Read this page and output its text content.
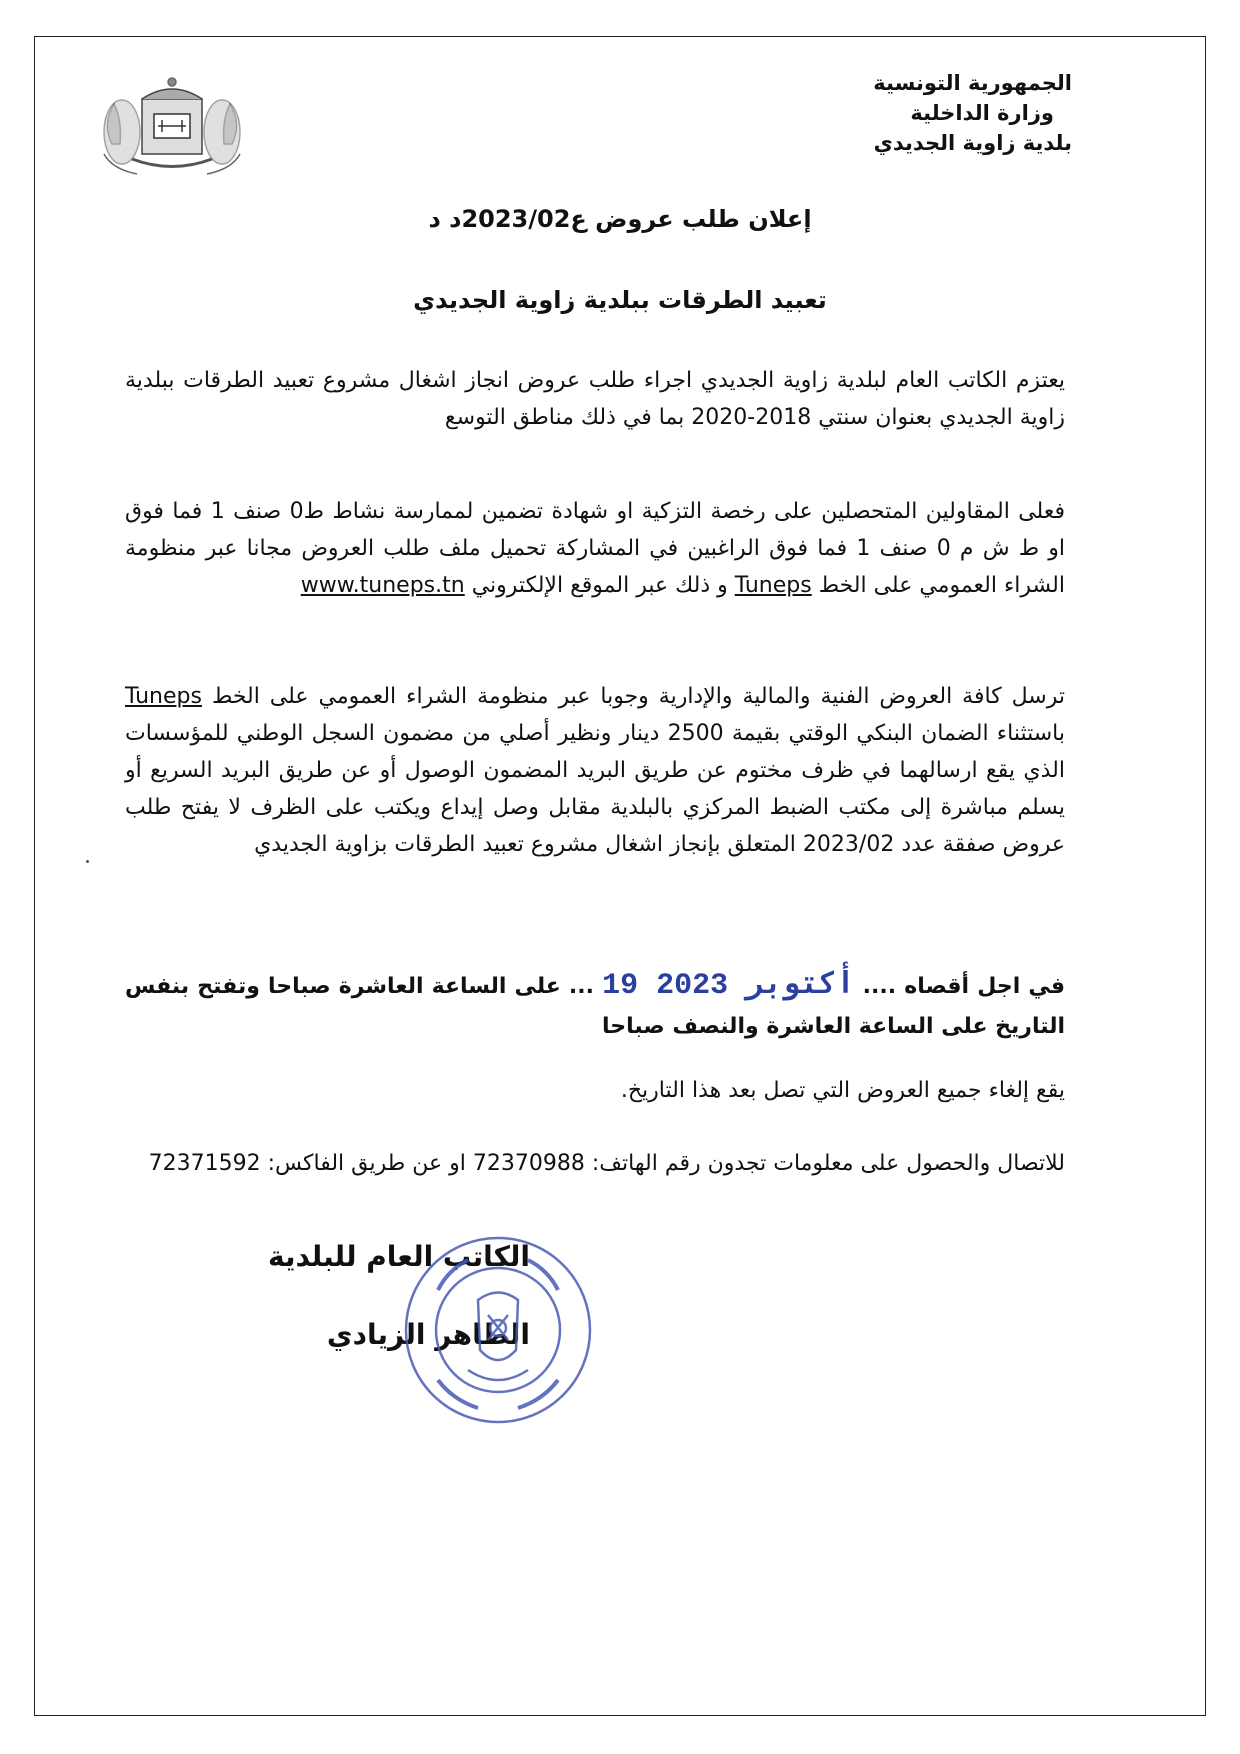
الجمهورية التونسية
وزارة الداخلية
بلدية زاوية الجديدي
إعلان طلب عروض ع2023/02د د
تعبيد الطرقات ببلدية زاوية الجديدي
يعتزم الكاتب العام لبلدية زاوية الجديدي اجراء طلب عروض انجاز اشغال مشروع تعبيد الطرقات ببلدية زاوية الجديدي بعنوان سنتي 2018-2020 بما في ذلك مناطق التوسع
فعلى المقاولين المتحصلين على رخصة التزكية او شهادة تضمين لممارسة نشاط ط0 صنف 1 فما فوق او ط ش م 0 صنف 1 فما فوق الراغبين في المشاركة تحميل ملف طلب العروض مجانا عبر منظومة الشراء العمومي على الخط Tuneps و ذلك عبر الموقع الإلكتروني www.tuneps.tn
ترسل كافة العروض الفنية والمالية والإدارية وجوبا عبر منظومة الشراء العمومي على الخط Tuneps باستثناء الضمان البنكي الوقتي بقيمة 2500 دينار ونظير أصلي من مضمون السجل الوطني للمؤسسات الذي يقع ارسالهما في ظرف مختوم عن طريق البريد المضمون الوصول أو عن طريق البريد السريع أو يسلم مباشرة إلى مكتب الضبط المركزي بالبلدية مقابل وصل إيداع ويكتب على الظرف لا يفتح طلب عروض صفقة عدد 2023/02 المتعلق بإنجاز اشغال مشروع تعبيد الطرقات بزاوية الجديدي
في اجل أقصاه .... 19 أكتوبر 2023 ... على الساعة العاشرة صباحا وتفتح بنفس التاريخ على الساعة العاشرة والنصف صباحا
يقع إلغاء جميع العروض التي تصل بعد هذا التاريخ.
للاتصال والحصول على معلومات تجدون رقم الهاتف: 72370988 او عن طريق الفاكس: 72371592
الكاتب العام للبلدية
الطاهر الزيادي
